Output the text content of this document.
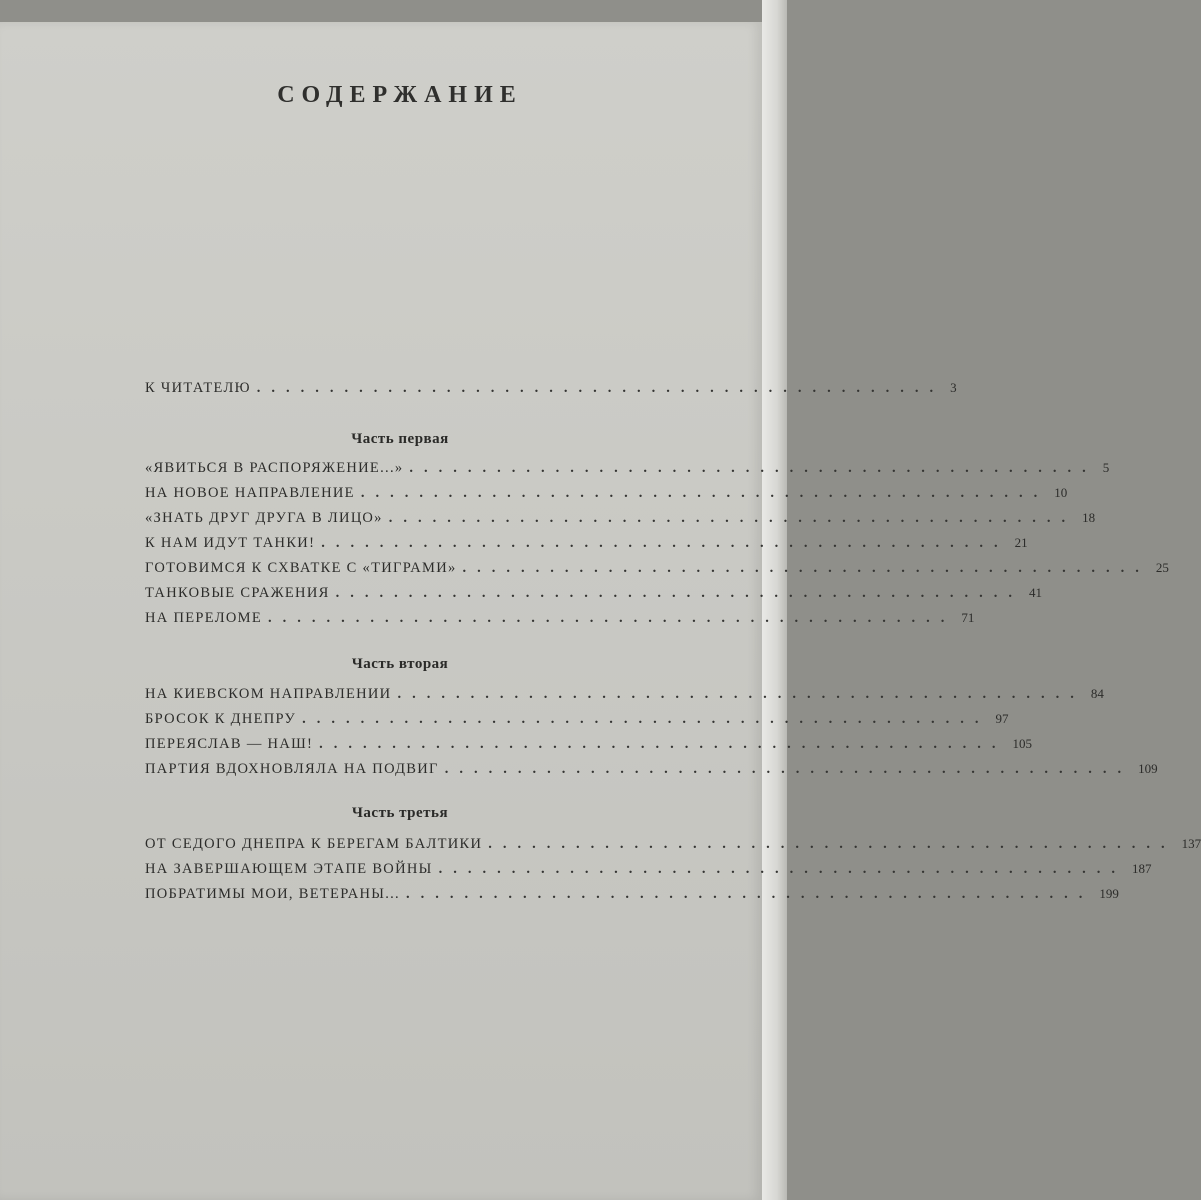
СОДЕРЖАНИЕ
К ЧИТАТЕЛЮ ............................................... 3
Часть первая
«ЯВИТЬСЯ В РАСПОРЯЖЕНИЕ...» ............................................... 5
НА НОВОЕ НАПРАВЛЕНИЕ ............................................... 10
«ЗНАТЬ ДРУГ ДРУГА В ЛИЦО» ............................................... 18
К НАМ ИДУТ ТАНКИ! ............................................... 21
ГОТОВИМСЯ К СХВАТКЕ С «ТИГРАМИ» ............................................... 25
ТАНКОВЫЕ СРАЖЕНИЯ ............................................... 41
НА ПЕРЕЛОМЕ ............................................... 71
Часть вторая
НА КИЕВСКОМ НАПРАВЛЕНИИ ............................................... 84
БРОСОК К ДНЕПРУ ............................................... 97
ПЕРЕЯСЛАВ — НАШ! ............................................... 105
ПАРТИЯ ВДОХНОВЛЯЛА НА ПОДВИГ ............................................... 109
Часть третья
ОТ СЕДОГО ДНЕПРА К БЕРЕГАМ БАЛТИКИ ............................................... 137
НА ЗАВЕРШАЮЩЕМ ЭТАПЕ ВОЙНЫ ............................................... 187
ПОБРАТИМЫ МОИ, ВЕТЕРАНЫ... ............................................... 199
